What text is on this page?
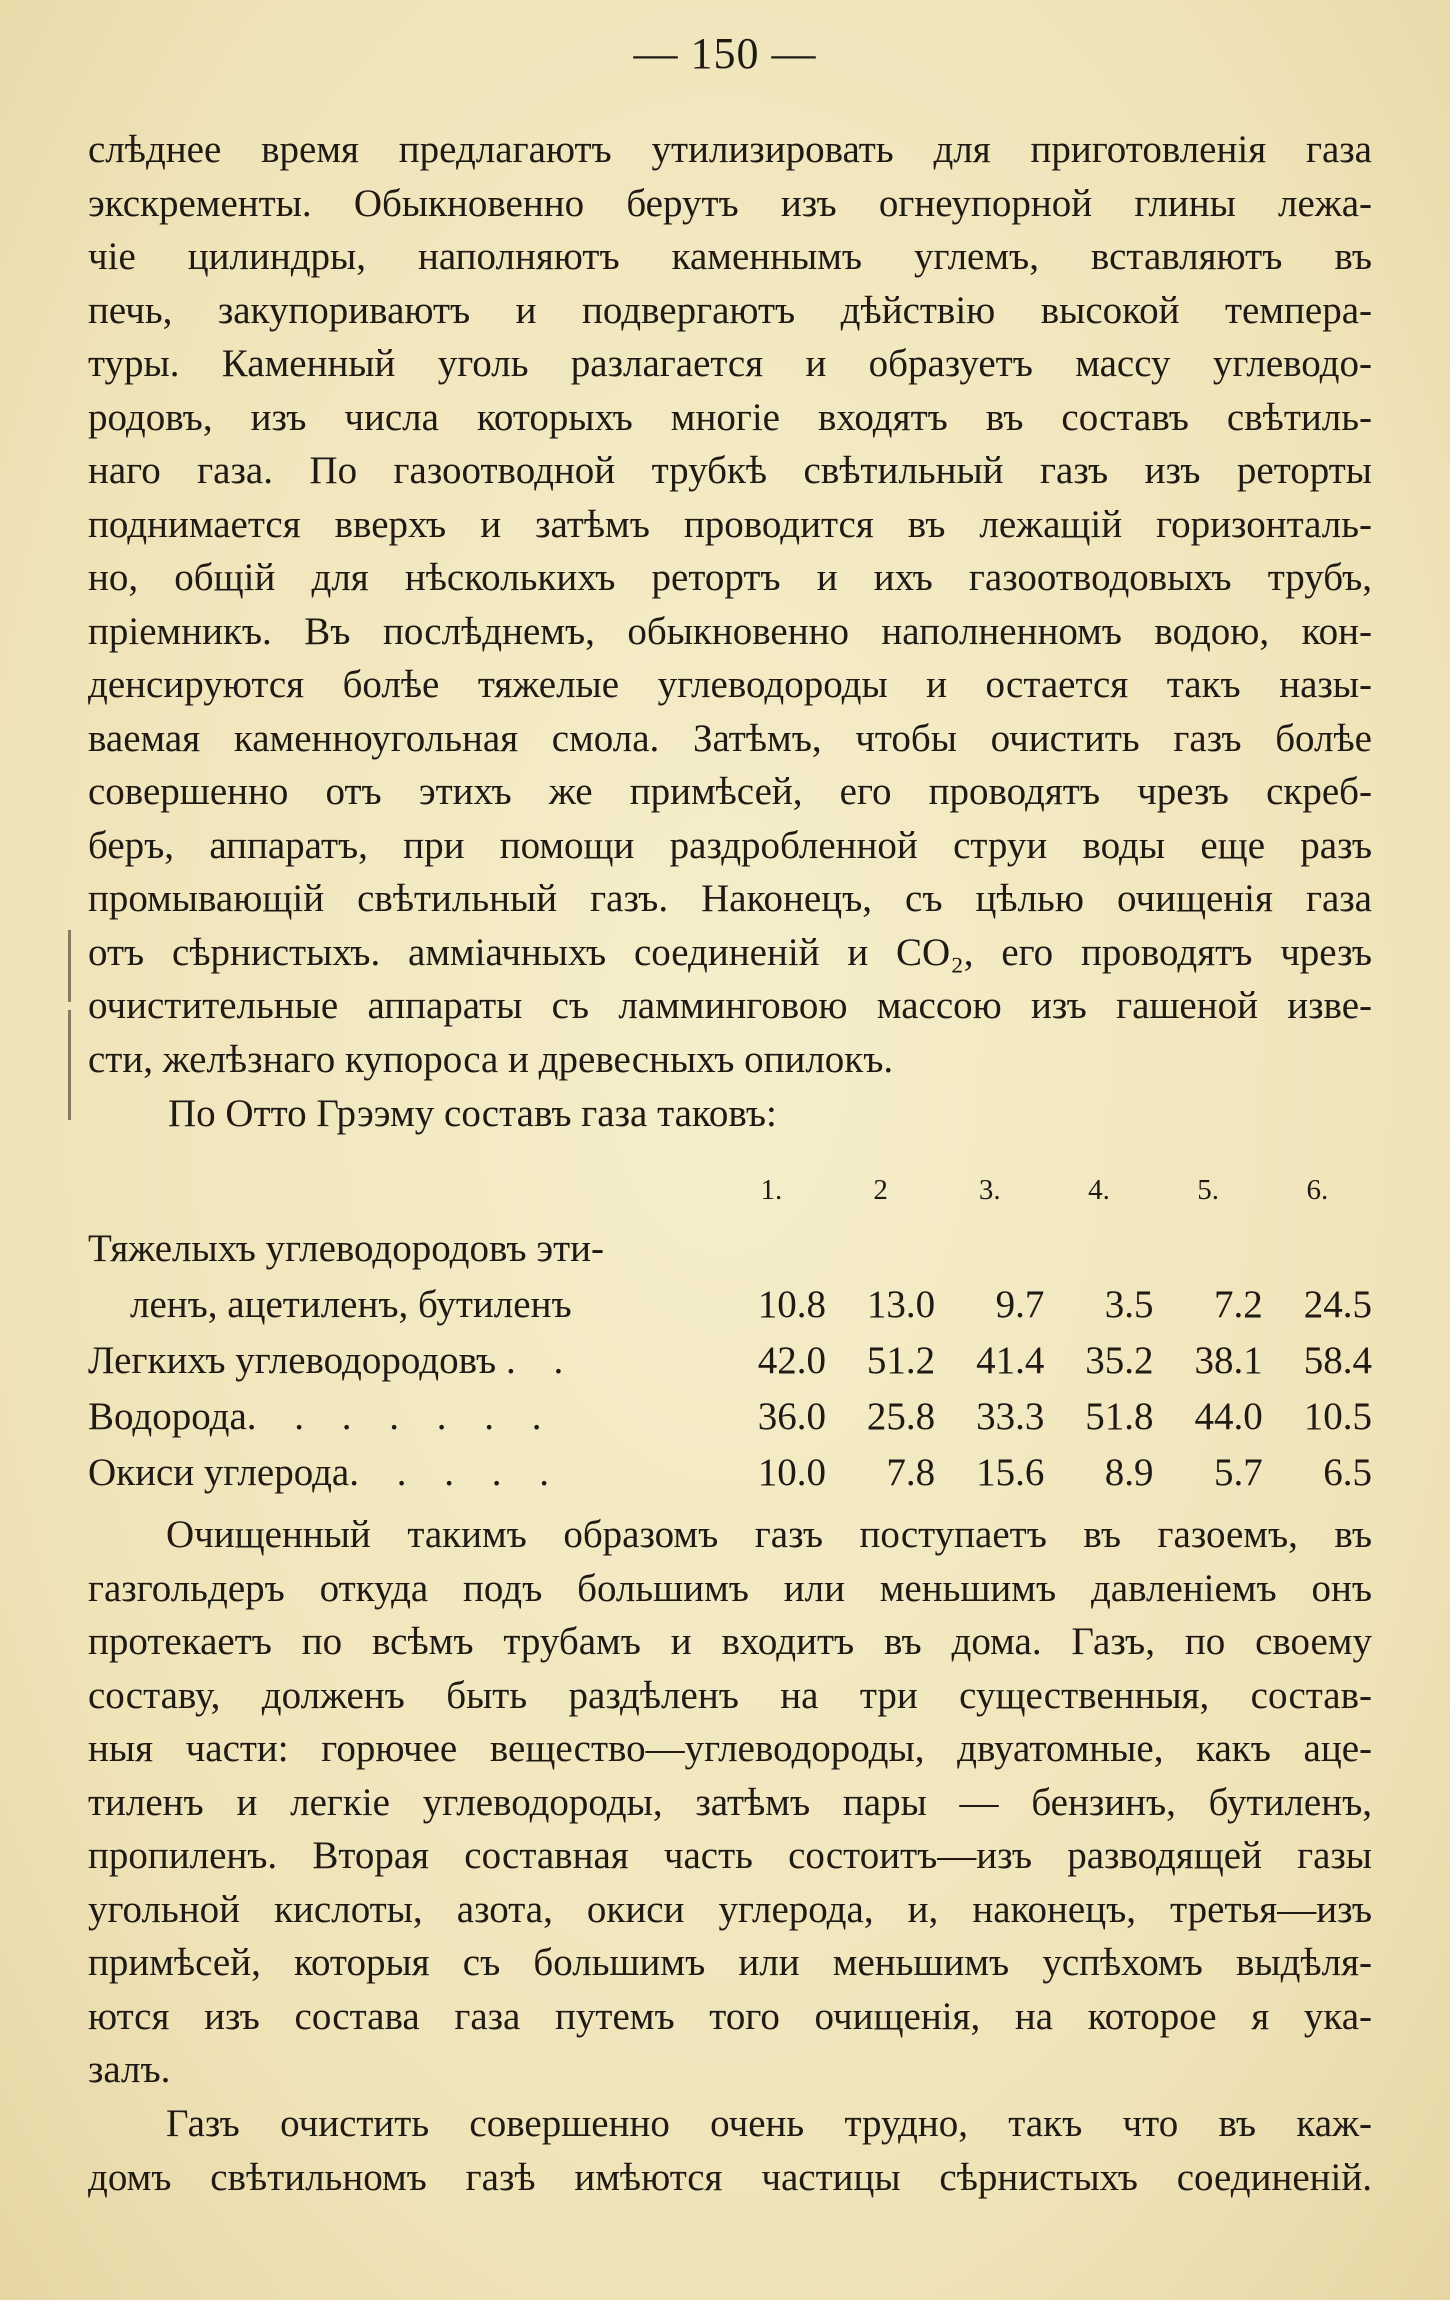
— 150 —
слѣднее время предлагаютъ утилизировать для приготовленія газа
экскременты. Обыкновенно берутъ изъ огнеупорной глины лежа-
чіе цилиндры, наполняютъ каменнымъ углемъ, вставляютъ въ
печь, закупориваютъ и подвергаютъ дѣйствію высокой темпера-
туры. Каменный уголь разлагается и образуетъ массу углеводо-
родовъ, изъ числа которыхъ многіе входятъ въ составъ свѣтиль-
наго газа. По газоотводной трубкѣ свѣтильный газъ изъ реторты
поднимается вверхъ и затѣмъ проводится въ лежащій горизонталь-
но, общій для нѣсколькихъ ретортъ и ихъ газоотводовыхъ трубъ,
пріемникъ. Въ послѣднемъ, обыкновенно наполненномъ водою, кон-
денсируются болѣе тяжелые углеводороды и остается такъ назы-
ваемая каменноугольная смола. Затѣмъ, чтобы очистить газъ болѣе
совершенно отъ этихъ же примѣсей, его проводятъ чрезъ скреб-
беръ, аппаратъ, при помощи раздробленной струи воды еще разъ
промывающій свѣтильный газъ. Наконецъ, съ цѣлью очищенія газа
отъ сѣрнистыхъ. амміачныхъ соединеній и CO₂, его проводятъ чрезъ
очистительные аппараты съ ламминговою массою изъ гашеной изве-
сти, желѣзнаго купороса и древесныхъ опилокъ.
По Отто Грээму составъ газа таковъ:
	1.	2	3.	4.	5.	6.
Тяжелыхъ углеводородовъ эти-						
ленъ, ацетиленъ, бутиленъ	10.8	13.0	9.7	3.5	7.2	24.5
Легкихъ углеводородовъ . .	42.0	51.2	41.4	35.2	38.1	58.4
Водорода. . . . . . .	36.0	25.8	33.3	51.8	44.0	10.5
Окиси углерода. . . . .	10.0	7.8	15.6	8.9	5.7	6.5
Очищенный такимъ образомъ газъ поступаетъ въ газоемъ, въ
газгольдеръ откуда подъ большимъ или меньшимъ давленіемъ онъ
протекаетъ по всѣмъ трубамъ и входитъ въ дома. Газъ, по своему
составу, долженъ быть раздѣленъ на три существенныя, состав-
ныя части: горючее вещество—углеводороды, двуатомные, какъ аце-
тиленъ и легкіе углеводороды, затѣмъ пары — бензинъ, бутиленъ,
пропиленъ. Вторая составная часть состоитъ—изъ разводящей газы
угольной кислоты, азота, окиси углерода, и, наконецъ, третья—изъ
примѣсей, которыя съ большимъ или меньшимъ успѣхомъ выдѣля-
ются изъ состава газа путемъ того очищенія, на которое я ука-
залъ.
Газъ очистить совершенно очень трудно, такъ что въ каж-
домъ свѣтильномъ газѣ имѣются частицы сѣрнистыхъ соединеній.
